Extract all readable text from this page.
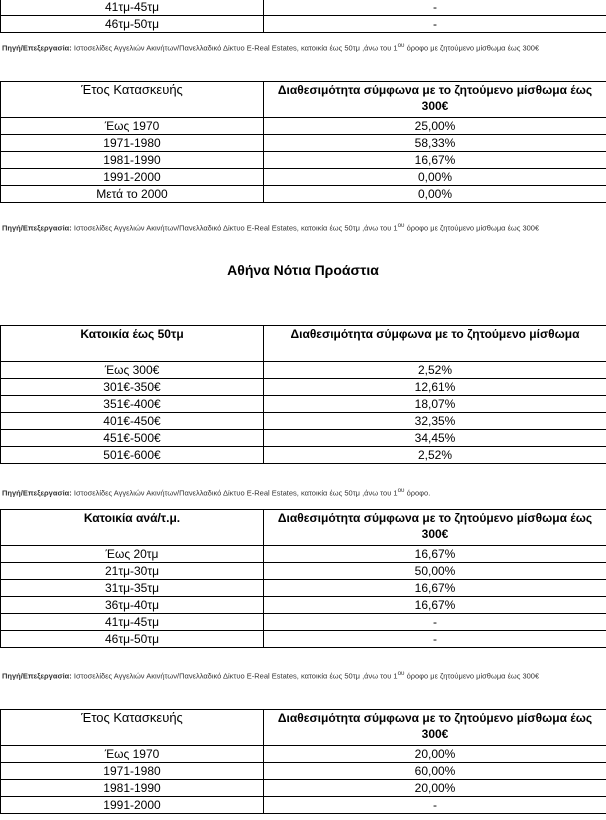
41τμ-45τμ	-
46τμ-50τμ	-
Πηγή/Επεξεργασία: Ιστοσελίδες Αγγελιών Ακινήτων/Πανελλαδικό Δίκτυο E-Real Estates, κατοικία έως 50τμ ,άνω του $1^{o\upsilon}$ όροφο με ζητούμενο μίσθωμα έως 300€
Έτος Κατασκευής	Διαθεσιμότητα σύμφωνα με το ζητούμενο μίσθωμα έως 300€
Έως 1970	25,00%
1971-1980	58,33%
1981-1990	16,67%
1991-2000	0,00%
Μετά το 2000	0,00%
Πηγή/Επεξεργασία: Ιστοσελίδες Αγγελιών Ακινήτων/Πανελλαδικό Δίκτυο E-Real Estates, κατοικία έως 50τμ ,άνω του $1^{o\upsilon}$ όροφο με ζητούμενο μίσθωμα έως 300€
Αθήνα Νότια Προάστια
Κατοικία έως 50τμ	Διαθεσιμότητα σύμφωνα με το ζητούμενο μίσθωμα
Έως 300€	2,52%
301€-350€	12,61%
351€-400€	18,07%
401€-450€	32,35%
451€-500€	34,45%
501€-600€	2,52%
Πηγή/Επεξεργασία: Ιστοσελίδες Αγγελιών Ακινήτων/Πανελλαδικό Δίκτυο E-Real Estates, κατοικία έως 50τμ ,άνω του $1^{o\upsilon}$ όροφο.
Κατοικία ανά/τ.μ.	Διαθεσιμότητα σύμφωνα με το ζητούμενο μίσθωμα έως 300€
Έως 20τμ	16,67%
21τμ-30τμ	50,00%
31τμ-35τμ	16,67%
36τμ-40τμ	16,67%
41τμ-45τμ	-
46τμ-50τμ	-
Πηγή/Επεξεργασία: Ιστοσελίδες Αγγελιών Ακινήτων/Πανελλαδικό Δίκτυο E-Real Estates, κατοικία έως 50τμ ,άνω του $1^{o\upsilon}$ όροφο με ζητούμενο μίσθωμα έως 300€
Έτος Κατασκευής	Διαθεσιμότητα σύμφωνα με το ζητούμενο μίσθωμα έως 300€
Έως 1970	20,00%
1971-1980	60,00%
1981-1990	20,00%
1991-2000	-
